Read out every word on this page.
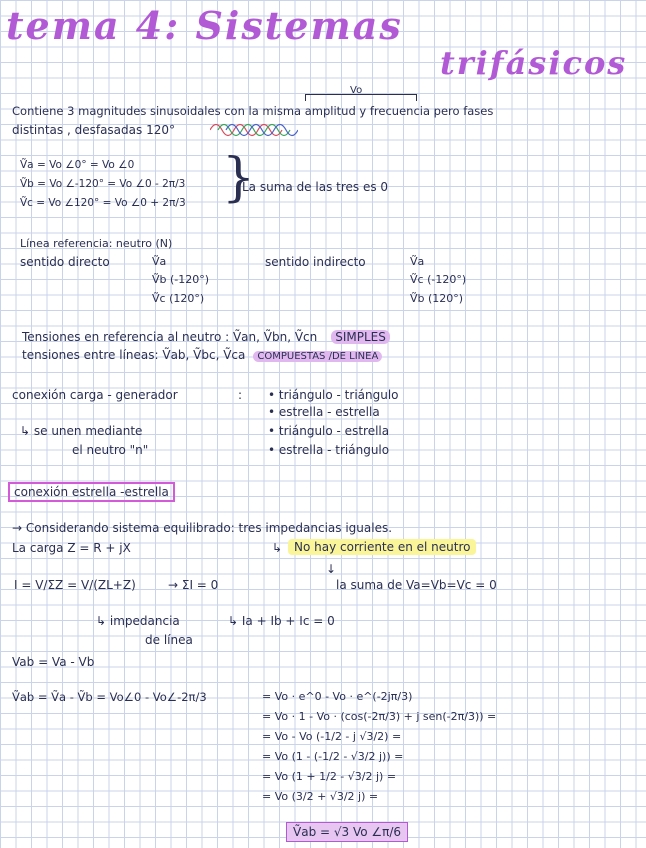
tema 4: Sistemas
trifásicos
Vo
Contiene 3 magnitudes sinusoidales con la misma amplitud y frecuencia pero fases
distintas , desfasadas 120°
Ṽa = Vo ∠0° = Vo ∠0
Ṽb = Vo ∠-120° = Vo ∠0 - 2π/3
Ṽc = Vo ∠120° = Vo ∠0 + 2π/3 }
La suma de las tres es 0
Línea referencia: neutro (N)
sentido directo	Ṽa
Ṽb (-120°)
Ṽc (120°)
sentido indirecto	Ṽa
Ṽc (-120°)
Ṽb (120°)
Tensiones en referencia al neutro : Ṽan, Ṽbn, Ṽcn SIMPLES
tensiones entre líneas: Ṽab, Ṽbc, Ṽca COMPUESTAS /DE LINEA
conexión carga - generador	: • triángulo - triángulo
• estrella - estrella
• triángulo - estrella
• estrella - triángulo
↳ se unen mediante
el neutro "n"
conexión estrella -estrella
→ Considerando sistema equilibrado: tres impedancias iguales.
La carga Z = R + jX	↳ No hay corriente en el neutro
I = V/ΣZ = V/(ZL+Z)	→ ΣI = 0
↓
la suma de Va=Vb=Vc = 0
↳ impedancia
de línea
↳ Ia + Ib + Ic = 0
Vab = Va - Vb
Ṽab = Ṽa - Ṽb = Vo∠0 - Vo∠-2π/3	= Vo · e^0 - Vo · e^(-2jπ/3)
= Vo · 1 - Vo · (cos(-2π/3) + j sen(-2π/3)) =
= Vo - Vo (-1/2 - j √3/2) =
= Vo (1 - (-1/2 - √3/2 j)) =
= Vo (1 + 1/2 - √3/2 j) =
= Vo (3/2 + √3/2 j) =
Ṽab = √3 Vo ∠π/6
